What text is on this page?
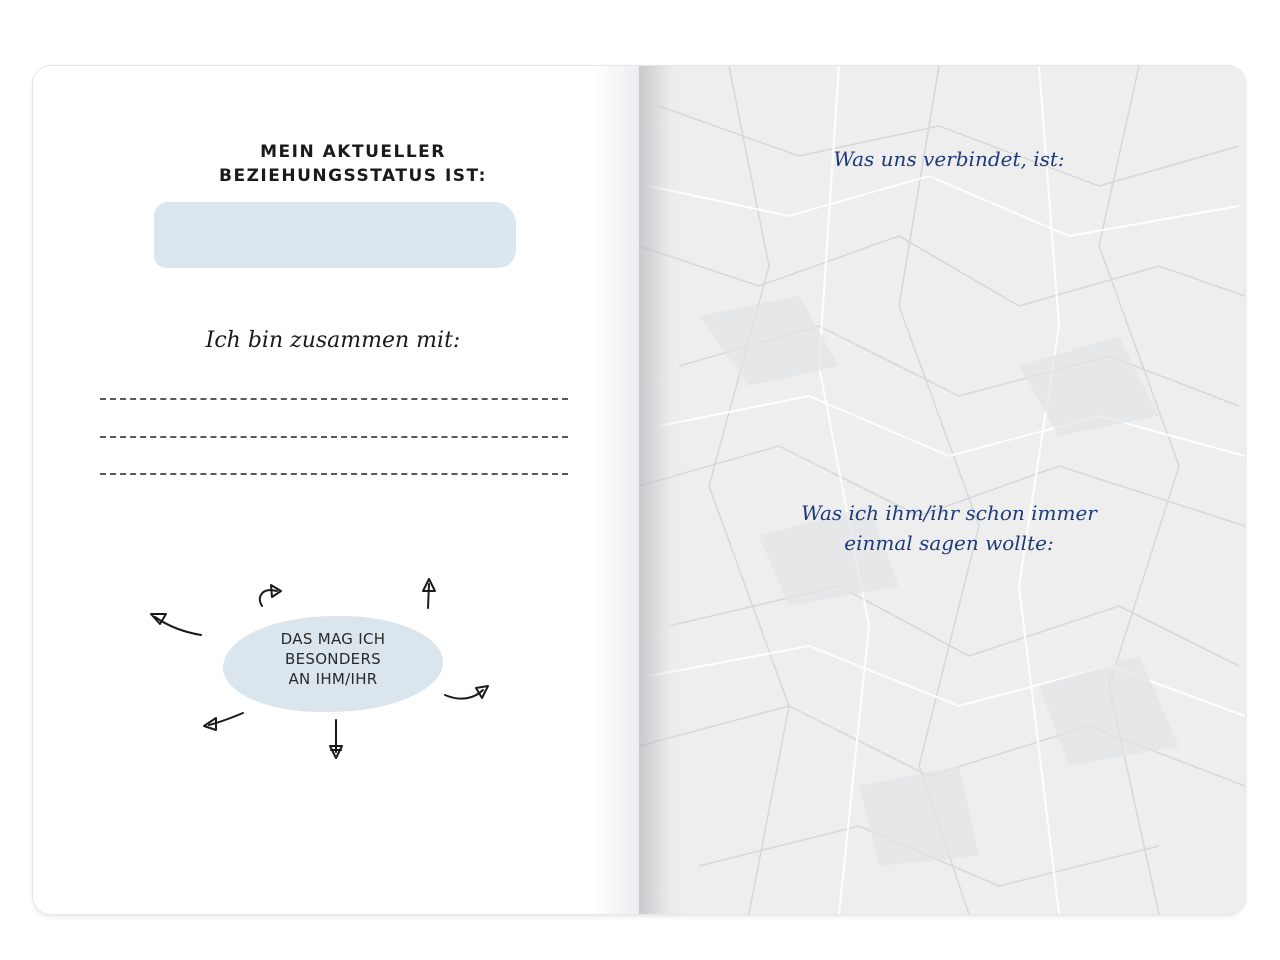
MEIN AKTUELLER
BEZIEHUNGSSTATUS IST:
Ich bin zusammen mit:
DAS MAG ICH
BESONDERS
AN IHM/IHR
Was uns verbindet, ist:
Was ich ihm/ihr schon immer
einmal sagen wollte:
